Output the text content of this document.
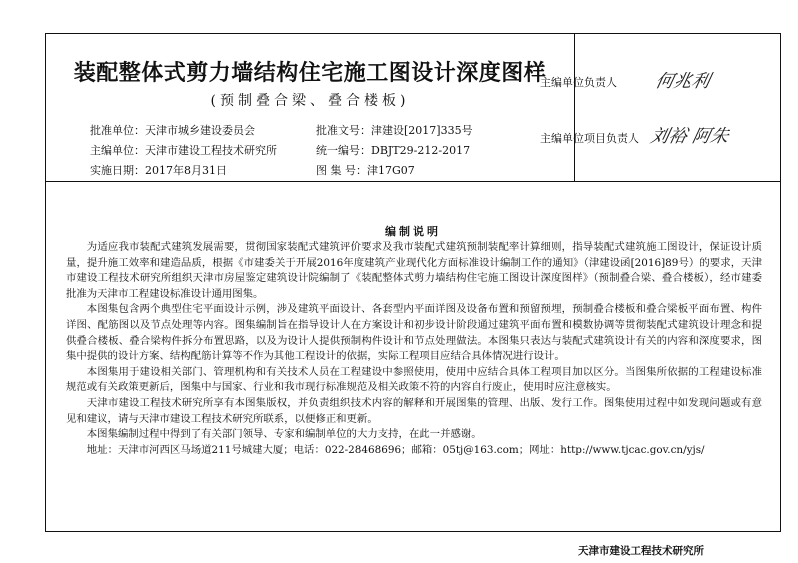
装配整体式剪力墙结构住宅施工图设计深度图样
(预制叠合梁、叠合楼板)
批准单位：天津市城乡建设委员会	批准文号：津建设[2017]335号
主编单位：天津市建设工程技术研究所	统一编号：DBJT29-212-2017
实施日期：2017年8月31日	图 集 号：津17G07
主编单位负责人 何兆利
主编单位项目负责人 刘裕 阿朱
编制说明

为适应我市装配式建筑发展需要，贯彻国家装配式建筑评价要求及我市装配式建筑预制装配率计算细则，指导装配式建筑施工图设计，保证设计质量，提升施工效率和建造品质，根据《市建委关于开展2016年度建筑产业现代化方面标准设计编制工作的通知》（津建设函[2016]89号）的要求，天津市建设工程技术研究所组织天津市房屋鉴定建筑设计院编制了《装配整体式剪力墙结构住宅施工图设计深度图样》（预制叠合梁、叠合楼板），经市建委批准为天津市工程建设标准设计通用图集。

本图集包含两个典型住宅平面设计示例，涉及建筑平面设计、各套型内平面详图及设备布置和预留预埋，预制叠合楼板和叠合梁板平面布置、构件详图、配筋图以及节点处理等内容。图集编制旨在指导设计人在方案设计和初步设计阶段通过建筑平面布置和模数协调等贯彻装配式建筑设计理念和提供叠合楼板、叠合梁构件拆分布置思路，以及为设计人提供预制构件设计和节点处理做法。本图集只表达与装配式建筑设计有关的内容和深度要求，图集中提供的设计方案、结构配筋计算等不作为其他工程设计的依据，实际工程项目应结合具体情况进行设计。

本图集用于建设相关部门、管理机构和有关技术人员在工程建设中参照使用，使用中应结合具体工程项目加以区分。当图集所依据的工程建设标准规范或有关政策更新后，图集中与国家、行业和我市现行标准规范及相关政策不符的内容自行废止，使用时应注意核实。

天津市建设工程技术研究所享有本图集版权，并负责组织技术内容的解释和开展图集的管理、出版、发行工作。图集使用过程中如发现问题或有意见和建议，请与天津市建设工程技术研究所联系，以便修正和更新。

本图集编制过程中得到了有关部门领导、专家和编制单位的大力支持，在此一并感谢。

地址：天津市河西区马场道211号城建大厦；电话：022-28468696；邮箱：05tj@163.com；网址：http://www.tjcac.gov.cn/yjs/

天津市建设工程技术研究所
